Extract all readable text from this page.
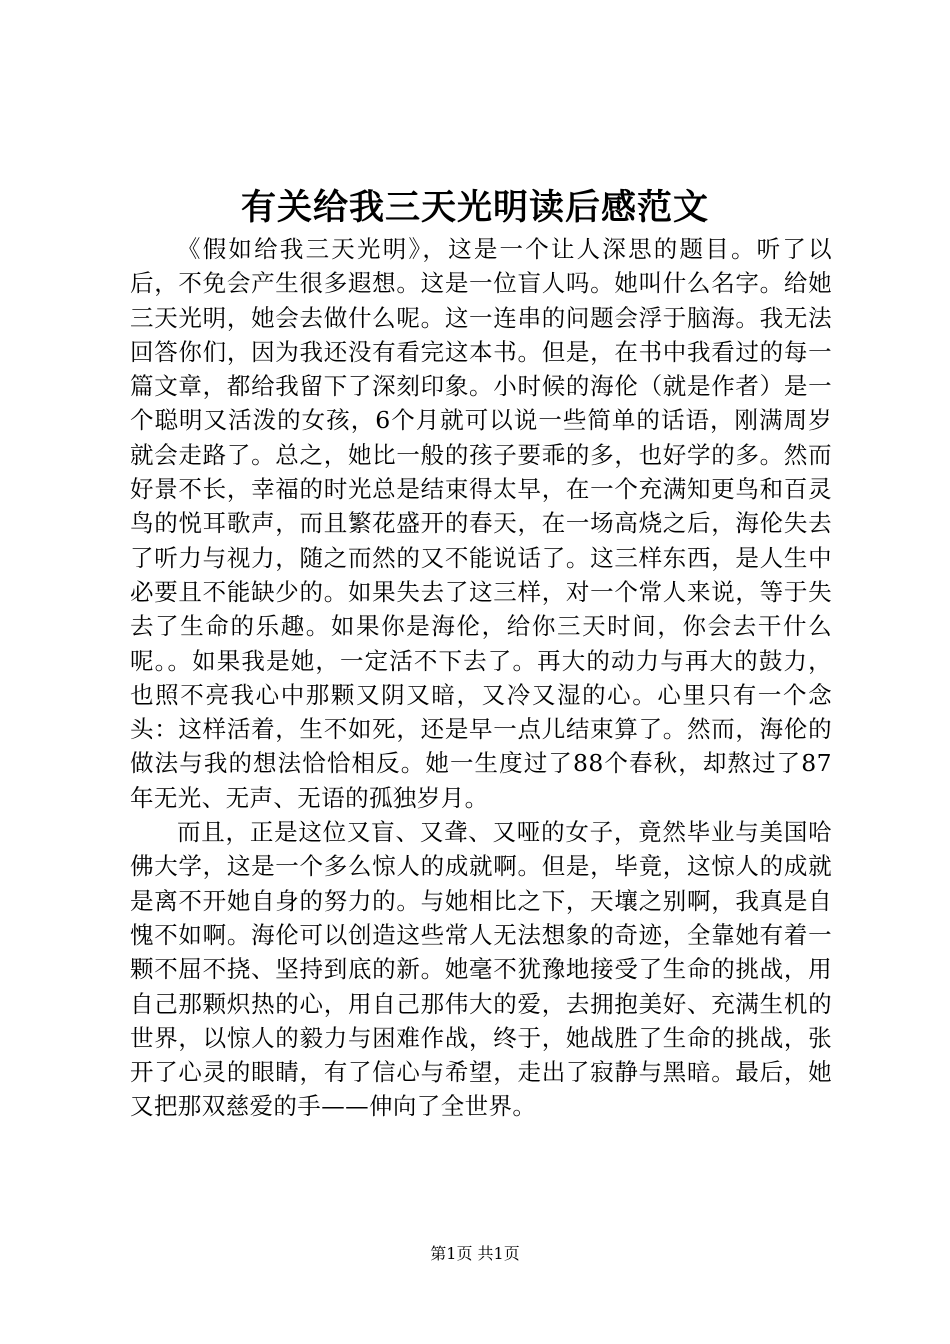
有关给我三天光明读后感范文

《假如给我三天光明》，这是一个让人深思的题目。听了以后，不免会产生很多遐想。这是一位盲人吗。她叫什么名字。给她三天光明，她会去做什么呢。这一连串的问题会浮于脑海。我无法回答你们，因为我还没有看完这本书。但是，在书中我看过的每一篇文章，都给我留下了深刻印象。小时候的海伦（就是作者）是一个聪明又活泼的女孩，6个月就可以说一些简单的话语，刚满周岁就会走路了。总之，她比一般的孩子要乖的多，也好学的多。然而好景不长，幸福的时光总是结束得太早，在一个充满知更鸟和百灵鸟的悦耳歌声，而且繁花盛开的春天，在一场高烧之后，海伦失去了听力与视力，随之而然的又不能说话了。这三样东西，是人生中必要且不能缺少的。如果失去了这三样，对一个常人来说，等于失去了生命的乐趣。如果你是海伦，给你三天时间，你会去干什么呢。。如果我是她，一定活不下去了。再大的动力与再大的鼓力，也照不亮我心中那颗又阴又暗，又冷又湿的心。心里只有一个念头：这样活着，生不如死，还是早一点儿结束算了。然而，海伦的做法与我的想法恰恰相反。她一生度过了88个春秋，却熬过了87年无光、无声、无语的孤独岁月。

而且，正是这位又盲、又聋、又哑的女子，竟然毕业与美国哈佛大学，这是一个多么惊人的成就啊。但是，毕竟，这惊人的成就是离不开她自身的努力的。与她相比之下，天壤之别啊，我真是自愧不如啊。海伦可以创造这些常人无法想象的奇迹，全靠她有着一颗不屈不挠、坚持到底的新。她毫不犹豫地接受了生命的挑战，用自己那颗炽热的心，用自己那伟大的爱，去拥抱美好、充满生机的世界，以惊人的毅力与困难作战，终于，她战胜了生命的挑战，张开了心灵的眼睛，有了信心与希望，走出了寂静与黑暗。最后，她又把那双慈爱的手——伸向了全世界。

第1页 共1页
